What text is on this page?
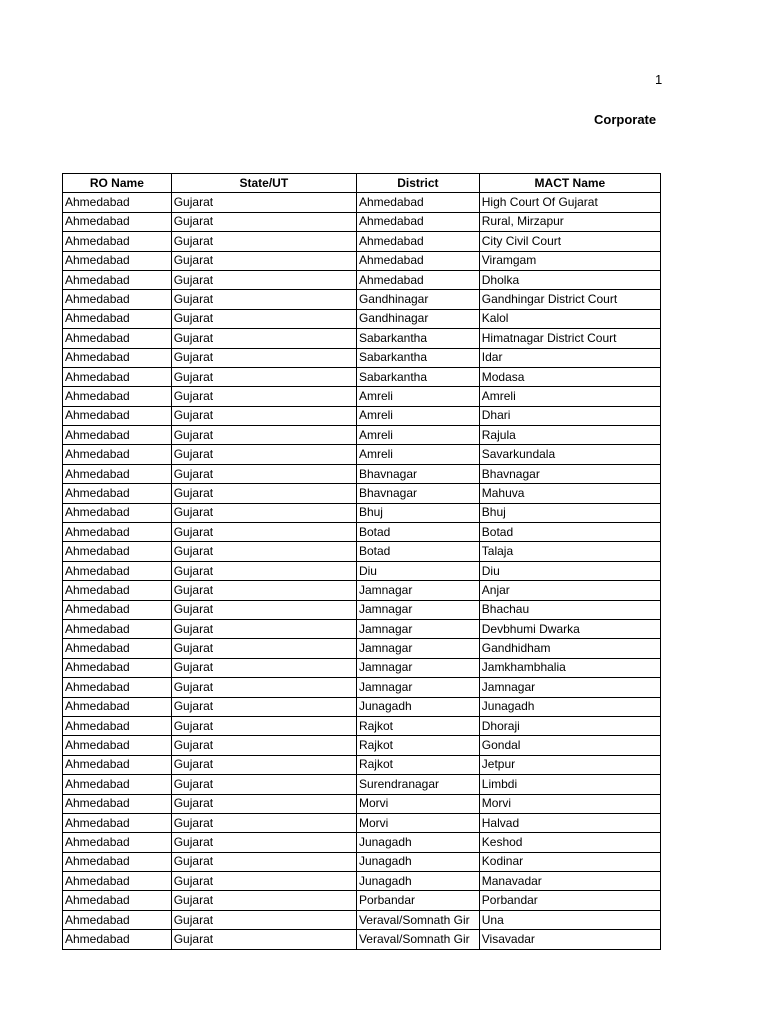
1
Corporate
RO Name	State/UT	District	MACT Name
Ahmedabad	Gujarat	Ahmedabad	High Court Of Gujarat
Ahmedabad	Gujarat	Ahmedabad	Rural, Mirzapur
Ahmedabad	Gujarat	Ahmedabad	City Civil Court
Ahmedabad	Gujarat	Ahmedabad	Viramgam
Ahmedabad	Gujarat	Ahmedabad	Dholka
Ahmedabad	Gujarat	Gandhinagar	Gandhingar District Court
Ahmedabad	Gujarat	Gandhinagar	Kalol
Ahmedabad	Gujarat	Sabarkantha	Himatnagar District Court
Ahmedabad	Gujarat	Sabarkantha	Idar
Ahmedabad	Gujarat	Sabarkantha	Modasa
Ahmedabad	Gujarat	Amreli	Amreli
Ahmedabad	Gujarat	Amreli	Dhari
Ahmedabad	Gujarat	Amreli	Rajula
Ahmedabad	Gujarat	Amreli	Savarkundala
Ahmedabad	Gujarat	Bhavnagar	Bhavnagar
Ahmedabad	Gujarat	Bhavnagar	Mahuva
Ahmedabad	Gujarat	Bhuj	Bhuj
Ahmedabad	Gujarat	Botad	Botad
Ahmedabad	Gujarat	Botad	Talaja
Ahmedabad	Gujarat	Diu	Diu
Ahmedabad	Gujarat	Jamnagar	Anjar
Ahmedabad	Gujarat	Jamnagar	Bhachau
Ahmedabad	Gujarat	Jamnagar	Devbhumi Dwarka
Ahmedabad	Gujarat	Jamnagar	Gandhidham
Ahmedabad	Gujarat	Jamnagar	Jamkhambhalia
Ahmedabad	Gujarat	Jamnagar	Jamnagar
Ahmedabad	Gujarat	Junagadh	Junagadh
Ahmedabad	Gujarat	Rajkot	Dhoraji
Ahmedabad	Gujarat	Rajkot	Gondal
Ahmedabad	Gujarat	Rajkot	Jetpur
Ahmedabad	Gujarat	Surendranagar	Limbdi
Ahmedabad	Gujarat	Morvi	Morvi
Ahmedabad	Gujarat	Morvi	Halvad
Ahmedabad	Gujarat	Junagadh	Keshod
Ahmedabad	Gujarat	Junagadh	Kodinar
Ahmedabad	Gujarat	Junagadh	Manavadar
Ahmedabad	Gujarat	Porbandar	Porbandar
Ahmedabad	Gujarat	Veraval/Somnath Gir	Una
Ahmedabad	Gujarat	Veraval/Somnath Gir	Visavadar
